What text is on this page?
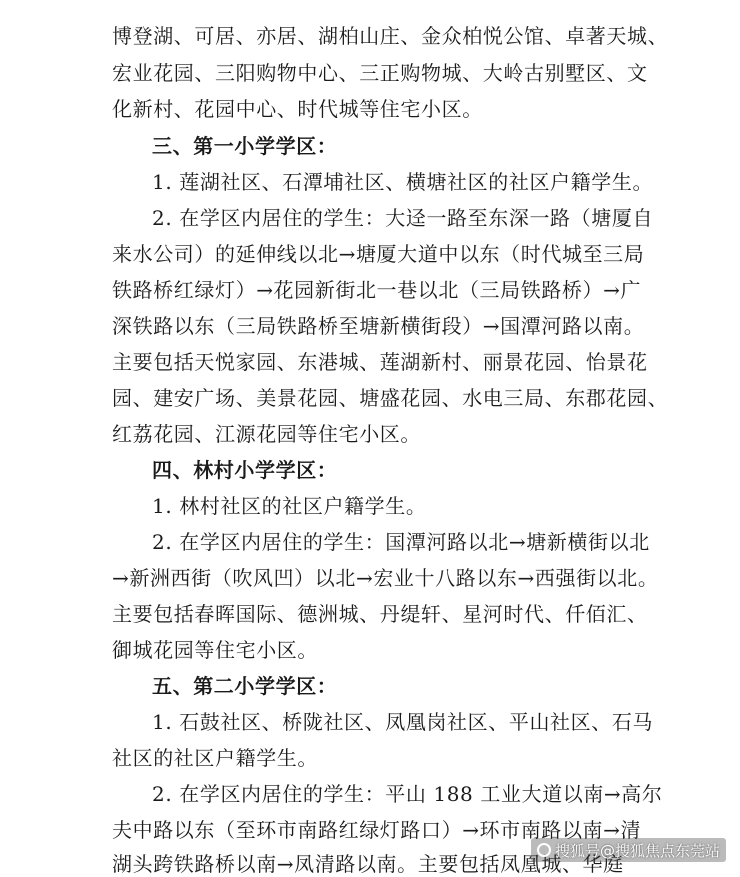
博登湖、可居、亦居、湖柏山庄、金众柏悦公馆、卓著天城、
宏业花园、三阳购物中心、三正购物城、大岭古别墅区、文
化新村、花园中心、时代城等住宅小区。
三、第一小学学区：
1. 莲湖社区、石潭埔社区、横塘社区的社区户籍学生。
2. 在学区内居住的学生：大迳一路至东深一路（塘厦自
来水公司）的延伸线以北→塘厦大道中以东（时代城至三局
铁路桥红绿灯）→花园新街北一巷以北（三局铁路桥）→广
深铁路以东（三局铁路桥至塘新横街段）→国潭河路以南。
主要包括天悦家园、东港城、莲湖新村、丽景花园、怡景花
园、建安广场、美景花园、塘盛花园、水电三局、东郡花园、
红荔花园、江源花园等住宅小区。
四、林村小学学区：
1. 林村社区的社区户籍学生。
2. 在学区内居住的学生：国潭河路以北→塘新横街以北
→新洲西街（吹风凹）以北→宏业十八路以东→西强街以北。
主要包括春晖国际、德洲城、丹缇轩、星河时代、仟佰汇、
御城花园等住宅小区。
五、第二小学学区：
1. 石鼓社区、桥陇社区、凤凰岗社区、平山社区、石马
社区的社区户籍学生。
2. 在学区内居住的学生：平山 188 工业大道以南→高尔
夫中路以东（至环市南路红绿灯路口）→环市南路以南→清
湖头跨铁路桥以南→凤清路以南。主要包括凤凰城、华庭
搜狐号@搜狐焦点东莞站
